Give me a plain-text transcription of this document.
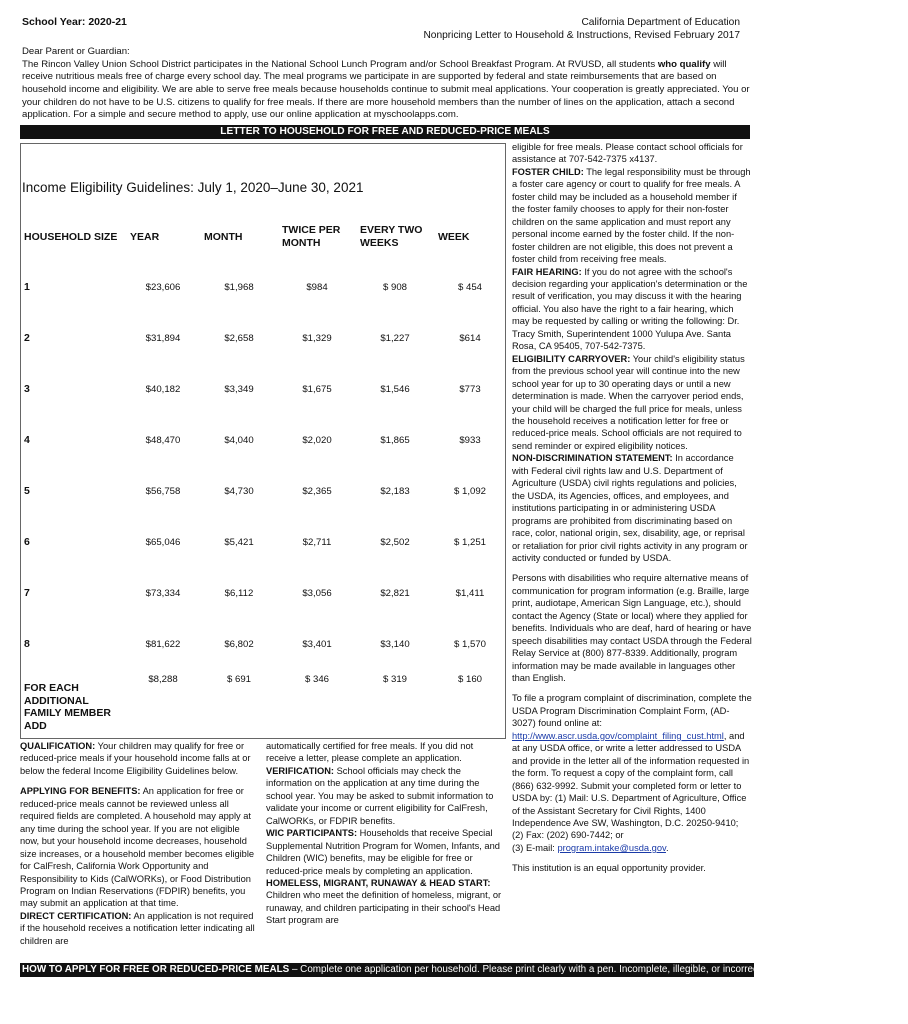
School Year: 2020-21	California Department of Education
Nonpricing Letter to Household & Instructions, Revised February 2017
Dear Parent or Guardian:
The Rincon Valley Union School District participates in the National School Lunch Program and/or School Breakfast Program. At RVUSD, all students who qualify will receive nutritious meals free of charge every school day. The meal programs we participate in are supported by federal and state reimbursements that are based on household income and eligibility. We are able to serve free meals because households continue to submit meal applications. Your cooperation is greatly appreciated. You or your children do not have to be U.S. citizens to qualify for free meals. If there are more household members than the number of lines on the application, attach a second application. For a simple and secure method to apply, use our online application at myschoolapps.com.
LETTER TO HOUSEHOLD FOR FREE AND REDUCED-PRICE MEALS
Income Eligibility Guidelines: July 1, 2020–June 30, 2021
HOUSEHOLD SIZE	YEAR	MONTH	TWICE PER MONTH	EVERY TWO WEEKS	WEEK
1	$23,606	$1,968	$984	$ 908	$ 454
2	$31,894	$2,658	$1,329	$1,227	$614
3	$40,182	$3,349	$1,675	$1,546	$773
4	$48,470	$4,040	$2,020	$1,865	$933
5	$56,758	$4,730	$2,365	$2,183	$ 1,092
6	$65,046	$5,421	$2,711	$2,502	$ 1,251
7	$73,334	$6,112	$3,056	$2,821	$1,411
8	$81,622	$6,802	$3,401	$3,140	$ 1,570
FOR EACH ADDITIONAL FAMILY MEMBER ADD	$8,288	$ 691	$ 346	$ 319	$ 160

QUALIFICATION: Your children may qualify for free or reduced-price meals if your household income falls at or below the federal Income Eligibility Guidelines below.

APPLYING FOR BENEFITS: An application for free or reduced-price meals cannot be reviewed unless all required fields are completed. A household may apply at any time during the school year. If you are not eligible now, but your household income decreases, household size increases, or a household member becomes eligible for CalFresh, California Work Opportunity and Responsibility to Kids (CalWORKs), or Food Distribution Program on Indian Reservations (FDPIR) benefits, you may submit an application at that time.

DIRECT CERTIFICATION: An application is not required if the household receives a notification letter indicating all children are

automatically certified for free meals. If you did not receive a letter, please complete an application.

VERIFICATION: School officials may check the information on the application at any time during the school year. You may be asked to submit information to validate your income or current eligibility for CalFresh, CalWORKs, or FDPIR benefits.

WIC PARTICIPANTS: Households that receive Special Supplemental Nutrition Program for Women, Infants, and Children (WIC) benefits, may be eligible for free or reduced-price meals by completing an application.

HOMELESS, MIGRANT, RUNAWAY & HEAD START: Children who meet the definition of homeless, migrant, or runaway, and children participating in their school's Head Start program are

eligible for free meals. Please contact school officials for assistance at 707-542-7375 x4137.

FOSTER CHILD: The legal responsibility must be through a foster care agency or court to qualify for free meals. A foster child may be included as a household member if the foster family chooses to apply for their non-foster children on the same application and must report any personal income earned by the foster child. If the non-foster children are not eligible, this does not prevent a foster child from receiving free meals.

FAIR HEARING: If you do not agree with the school's decision regarding your application's determination or the result of verification, you may discuss it with the hearing official. You also have the right to a fair hearing, which may be requested by calling or writing the following: Dr. Tracy Smith, Superintendent 1000 Yulupa Ave. Santa Rosa, CA 95405, 707-542-7375.

ELIGIBILITY CARRYOVER: Your child's eligibility status from the previous school year will continue into the new school year for up to 30 operating days or until a new determination is made. When the carryover period ends, your child will be charged the full price for meals, unless the household receives a notification letter for free or reduced-price meals. School officials are not required to send reminder or expired eligibility notices.

NON-DISCRIMINATION STATEMENT: In accordance with Federal civil rights law and U.S. Department of Agriculture (USDA) civil rights regulations and policies, the USDA, its Agencies, offices, and employees, and institutions participating in or administering USDA programs are prohibited from discriminating based on race, color, national origin, sex, disability, age, or reprisal or retaliation for prior civil rights activity in any program or activity conducted or funded by USDA.

Persons with disabilities who require alternative means of communication for program information (e.g. Braille, large print, audiotape, American Sign Language, etc.), should contact the Agency (State or local) where they applied for benefits. Individuals who are deaf, hard of hearing or have speech disabilities may contact USDA through the Federal Relay Service at (800) 877-8339. Additionally, program information may be made available in languages other than English.

To file a program complaint of discrimination, complete the USDA Program Discrimination Complaint Form, (AD-3027) found online at: http://www.ascr.usda.gov/complaint_filing_cust.html, and at any USDA office, or write a letter addressed to USDA and provide in the letter all of the information requested in the form. To request a copy of the complaint form, call (866) 632-9992. Submit your completed form or letter to USDA by: (1) Mail: U.S. Department of Agriculture, Office of the Assistant Secretary for Civil Rights, 1400 Independence Ave SW, Washington, D.C. 20250-9410; (2) Fax: (202) 690-7442; or

(3) E-mail: program.intake@usda.gov.

This institution is an equal opportunity provider.

HOW TO APPLY FOR FREE OR REDUCED-PRICE MEALS – Complete one application per household. Please print clearly with a pen. Incomplete, illegible, or incorrect information will delay processing.
